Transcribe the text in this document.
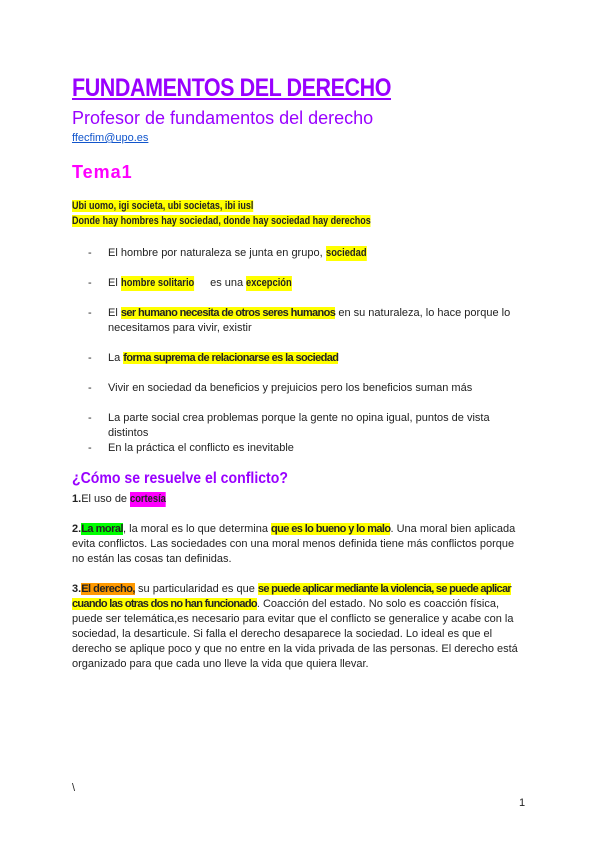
FUNDAMENTOS DEL DERECHO
Profesor de fundamentos del derecho
ffecfim@upo.es
Tema1
Ubi uomo, igi societa, ubi societas, ibi iusl
Donde hay hombres hay sociedad, donde hay sociedad hay derechos
- El hombre por naturaleza se junta en grupo, sociedad
- El hombre solitario es una excepción
- El ser humano necesita de otros seres humanos en su naturaleza, lo hace porque lo necesitamos para vivir, existir
- La forma suprema de relacionarse es la sociedad
- Vivir en sociedad da beneficios y prejuicios pero los beneficios suman más
- La parte social crea problemas porque la gente no opina igual, puntos de vista distintos
- En la práctica el conflicto es inevitable
¿Cómo se resuelve el conflicto?
1.El uso de cortesía
2.La moral, la moral es lo que determina que es lo bueno y lo malo. Una moral bien aplicada evita conflictos. Las sociedades con una moral menos definida tiene más conflictos porque no están las cosas tan definidas.
3.El derecho, su particularidad es que se puede aplicar mediante la violencia, se puede aplicar cuando las otras dos no han funcionado. Coacción del estado. No solo es coacción física, puede ser telemática,es necesario para evitar que el conflicto se generalice y acabe con la sociedad, la desarticule. Si falla el derecho desaparece la sociedad. Lo ideal es que el derecho se aplique poco y que no entre en la vida privada de las personas. El derecho está organizado para que cada uno lleve la vida que quiera llevar.
\
1
